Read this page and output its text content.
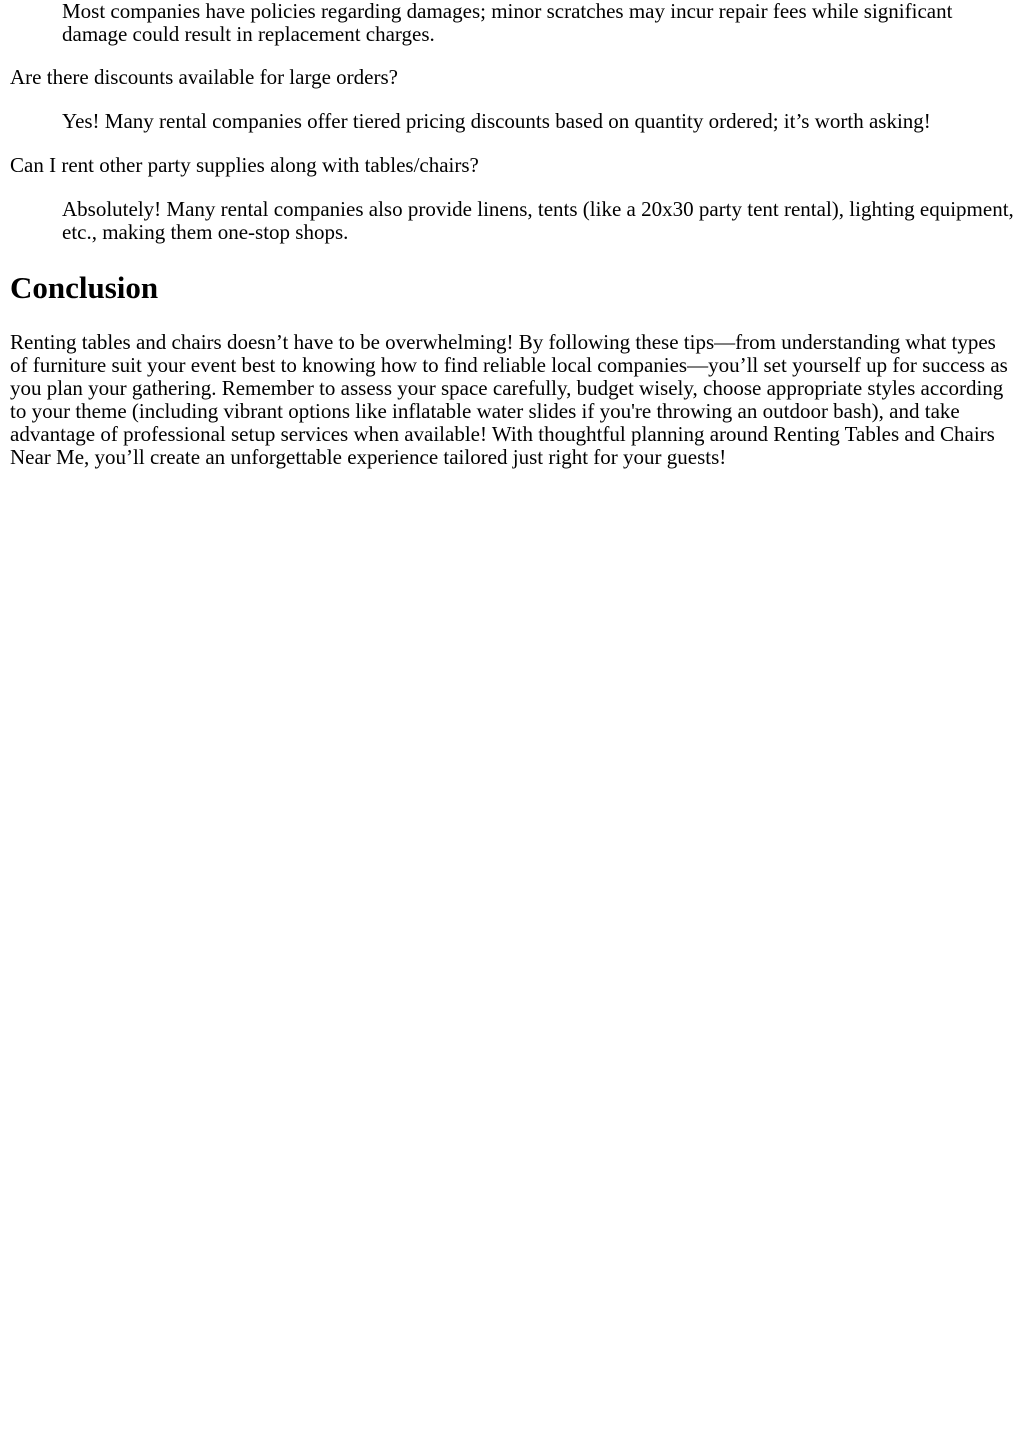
Most companies have policies regarding damages; minor scratches may incur repair fees while significant damage could result in replacement charges.

Are there discounts available for large orders?

Yes! Many rental companies offer tiered pricing discounts based on quantity ordered; it’s worth asking!

Can I rent other party supplies along with tables/chairs?

Absolutely! Many rental companies also provide linens, tents (like a 20x30 party tent rental), lighting equipment, etc., making them one-stop shops.

Conclusion

Renting tables and chairs doesn’t have to be overwhelming! By following these tips—from understanding what types of furniture suit your event best to knowing how to find reliable local companies—you’ll set yourself up for success as you plan your gathering. Remember to assess your space carefully, budget wisely, choose appropriate styles according to your theme (including vibrant options like inflatable water slides if you're throwing an outdoor bash), and take advantage of professional setup services when available! With thoughtful planning around Renting Tables and Chairs Near Me, you’ll create an unforgettable experience tailored just right for your guests!
